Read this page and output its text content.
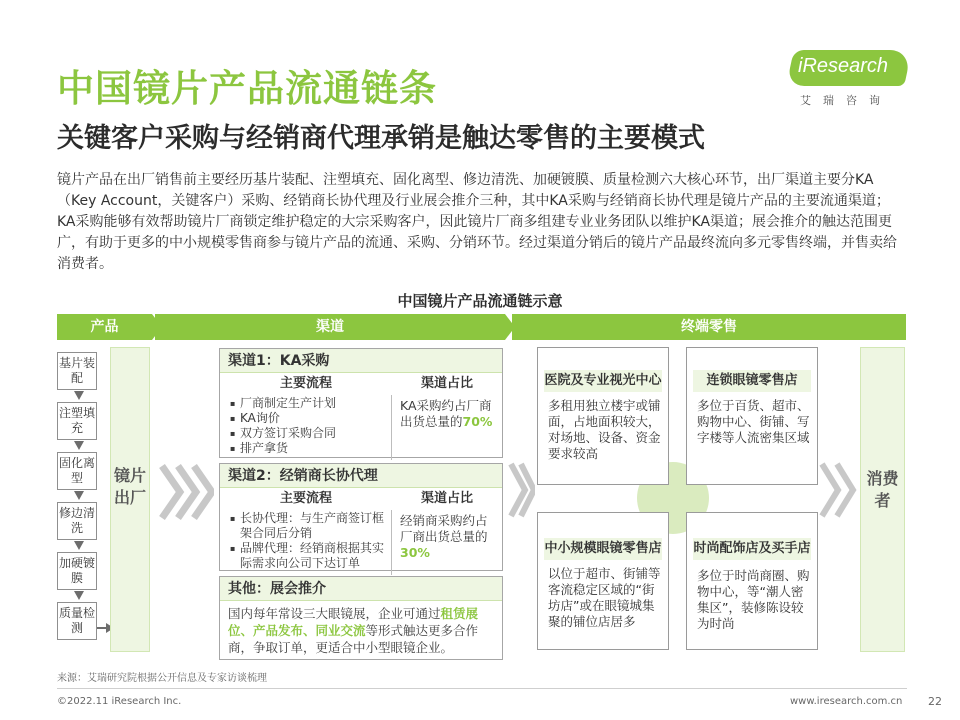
中国镜片产品流通链条
关键客户采购与经销商代理承销是触达零售的主要模式
iResearch
艾瑞咨询
镜片产品在出厂销售前主要经历基片装配、注塑填充、固化离型、修边清洗、加硬镀膜、质量检测六大核心环节，出厂渠道主要分KA（Key Account，关键客户）采购、经销商长协代理及行业展会推介三种，其中KA采购与经销商长协代理是镜片产品的主要流通渠道；KA采购能够有效帮助镜片厂商锁定维护稳定的大宗采购客户，因此镜片厂商多组建专业业务团队以维护KA渠道；展会推介的触达范围更广，有助于更多的中小规模零售商参与镜片产品的流通、采购、分销环节。经过渠道分销后的镜片产品最终流向多元零售终端，并售卖给消费者。
中国镜片产品流通链示意
产品	渠道	终端零售
基片装配
注塑填充
固化离型
修边清洗
加硬镀膜
质量检测
镜片出厂
渠道1：KA采购
主要流程	渠道占比
▪ 厂商制定生产计划
▪ KA询价
▪ 双方签订采购合同
▪ 排产拿货
KA采购约占厂商出货总量的70%
渠道2：经销商长协代理
主要流程	渠道占比
▪ 长协代理：与生产商签订框架合同后分销
▪ 品牌代理：经销商根据其实际需求向公司下达订单
经销商采购约占厂商出货总量的30%
其他：展会推介
国内每年常设三大眼镜展，企业可通过租赁展位、产品发布、同业交流等形式触达更多合作商，争取订单，更适合中小型眼镜企业。
医院及专业视光中心
多租用独立楼宇或铺面，占地面积较大，对场地、设备、资金要求较高
连锁眼镜零售店
多位于百货、超市、购物中心、街铺、写字楼等人流密集区域
中小规模眼镜零售店
以位于超市、街铺等客流稳定区域的“街坊店”或在眼镜城集聚的铺位店居多
时尚配饰店及买手店
多位于时尚商圈、购物中心，等“潮人密集区”，装修陈设较为时尚
消费者
来源：艾瑞研究院根据公开信息及专家访谈梳理
©2022.11 iResearch Inc.	www.iresearch.com.cn 22
